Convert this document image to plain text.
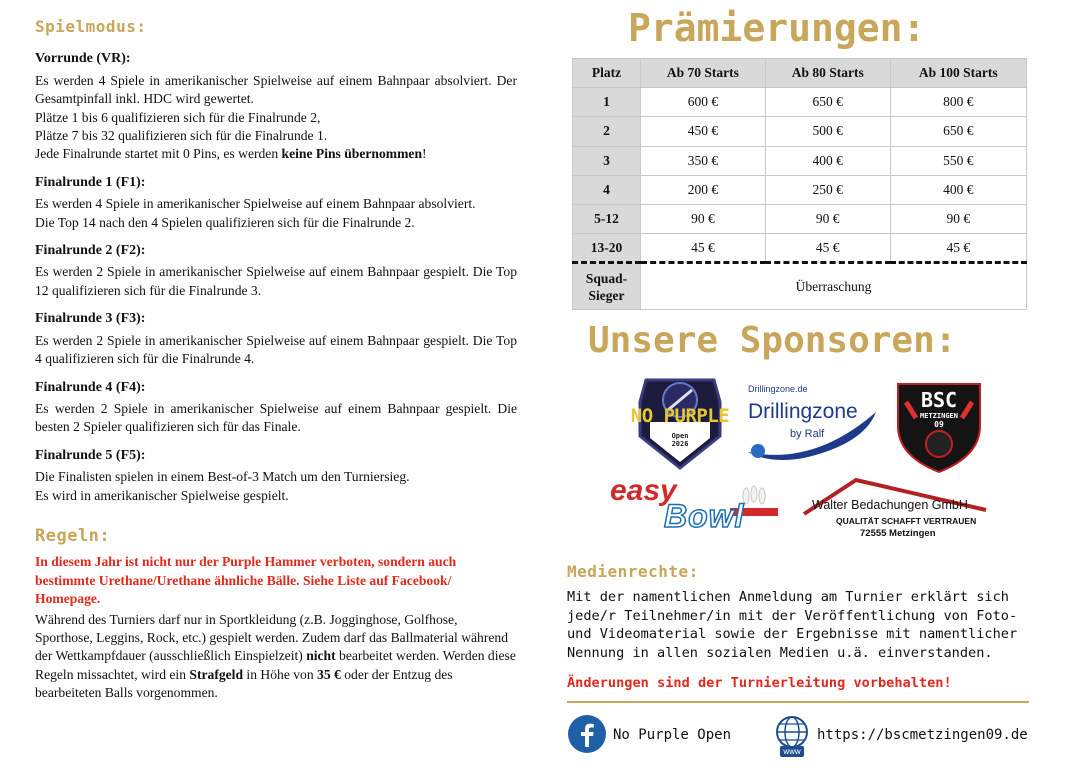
Spielmodus:
Vorrunde (VR):
Es werden 4 Spiele in amerikanischer Spielweise auf einem Bahnpaar absolviert. Der Gesamtpinfall inkl. HDC wird gewertet.
Plätze 1 bis 6 qualifizieren sich für die Finalrunde 2,
Plätze 7 bis 32 qualifizieren sich für die Finalrunde 1.
Jede Finalrunde startet mit 0 Pins, es werden keine Pins übernommen!
Finalrunde 1 (F1):
Es werden 4 Spiele in amerikanischer Spielweise auf einem Bahnpaar absolviert.
Die Top 14 nach den 4 Spielen qualifizieren sich für die Finalrunde 2.
Finalrunde 2 (F2):
Es werden 2 Spiele in amerikanischer Spielweise auf einem Bahnpaar gespielt. Die Top 12 qualifizieren sich für die Finalrunde 3.
Finalrunde 3 (F3):
Es werden 2 Spiele in amerikanischer Spielweise auf einem Bahnpaar gespielt. Die Top 4 qualifizieren sich für die Finalrunde 4.
Finalrunde 4 (F4):
Es werden 2 Spiele in amerikanischer Spielweise auf einem Bahnpaar gespielt. Die besten 2 Spieler qualifizieren sich für das Finale.
Finalrunde 5 (F5):
Die Finalisten spielen in einem Best-of-3 Match um den Turniersieg.
Es wird in amerikanischer Spielweise gespielt.
Regeln:
In diesem Jahr ist nicht nur der Purple Hammer verboten, sondern auch bestimmte Urethane/Urethane ähnliche Bälle. Siehe Liste auf Facebook/ Homepage.
Während des Turniers darf nur in Sportkleidung (z.B. Jogginghose, Golfhose, Sporthose, Leggins, Rock, etc.) gespielt werden. Zudem darf das Ballmaterial während der Wettkampfdauer (ausschließlich Einspielzeit) nicht bearbeitet werden. Werden diese Regeln missachtet, wird ein Strafgeld in Höhe von 35 € oder der Entzug des bearbeiteten Balls vorgenommen.
Prämierungen:
Platz	Ab 70 Starts	Ab 80 Starts	Ab 100 Starts
1	600 €	650 €	800 €
2	450 €	500 €	650 €
3	350 €	400 €	550 €
4	200 €	250 €	400 €
5-12	90 €	90 €	90 €
13-20	45 €	45 €	45 €
Squad-
Sieger	Überraschung		
Unsere Sponsoren:
NO PURPLE
Open
2026
Drillingzone.de
Drillingzone
by Ralf
BSC
METZINGEN
09
easy
Bowl	Walter Bedachungen GmbH
QUALITÄT SCHAFFT VERTRAUEN
72555 Metzingen
Medienrechte:
Mit der namentlichen Anmeldung am Turnier erklärt sich jede/r Teilnehmer/in mit der Veröffentlichung von Foto- und Videomaterial sowie der Ergebnisse mit namentlicher Nennung in allen sozialen Medien u.ä. einverstanden.
Änderungen sind der Turnierleitung vorbehalten!
No Purple Open
www
https://bscmetzingen09.de
